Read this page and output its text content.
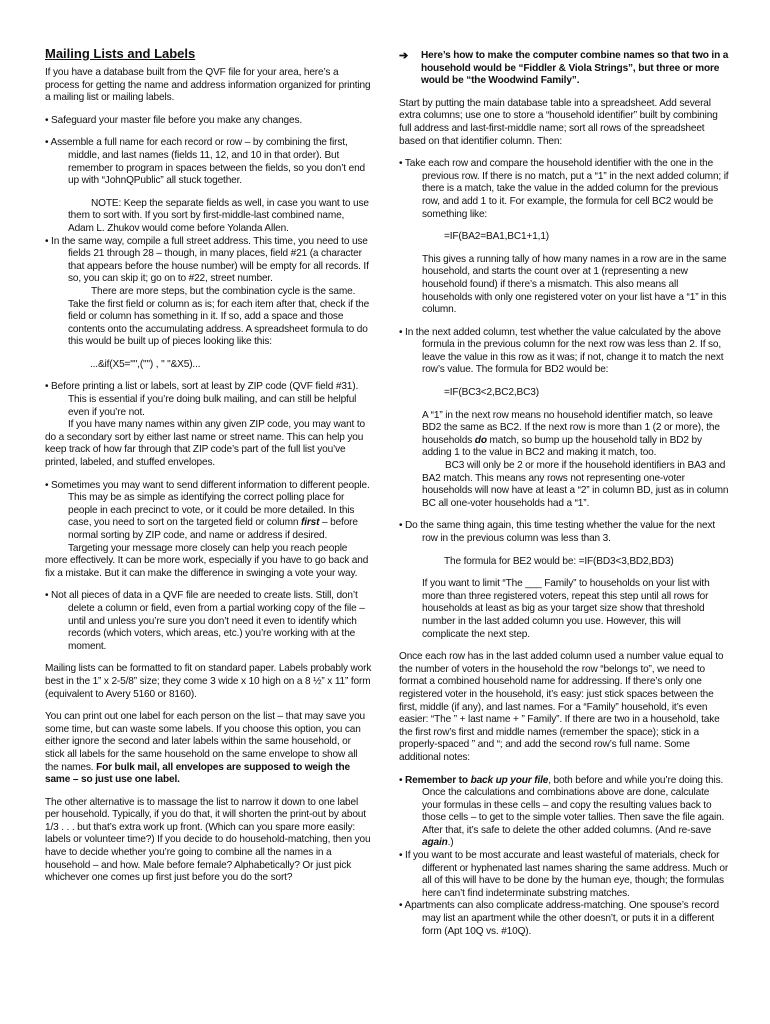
Mailing Lists and Labels

If you have a database built from the QVF file for your area, here’s a process for getting the name and address information organized for printing a mailing list or mailing labels.

• Safeguard your master file before you make any changes.

• Assemble a full name for each record or row – by combining the first, middle, and last names (fields 11, 12, and 10 in that order). But remember to program in spaces between the fields, so you don’t end up with “JohnQPublic” all stuck together.

NOTE: Keep the separate fields as well, in case you want to use them to sort with. If you sort by first-middle-last combined name, Adam L. Zhukov would come before Yolanda Allen.

• In the same way, compile a full street address. This time, you need to use fields 21 through 28 – though, in many places, field #21 (a character that appears before the house number) will be empty for all records. If so, you can skip it; go on to #22, street number.

There are more steps, but the combination cycle is the same. Take the first field or column as is; for each item after that, check if the field or column has something in it. If so, add a space and those contents onto the accumulating address. A spreadsheet formula to do this would be built up of pieces looking like this:

...&if(X5="",("") , " "&X5)...

• Before printing a list or labels, sort at least by ZIP code (QVF field #31). This is essential if you’re doing bulk mailing, and can still be helpful even if you’re not.

If you have many names within any given ZIP code, you may want to do a secondary sort by either last name or street name. This can help you keep track of how far through that ZIP code’s part of the full list you’ve printed, labeled, and stuffed envelopes.

• Sometimes you may want to send different information to different people. This may be as simple as identifying the correct polling place for people in each precinct to vote, or it could be more detailed. In this case, you need to sort on the targeted field or column first – before normal sorting by ZIP code, and name or address if desired.

Targeting your message more closely can help you reach people more effectively. It can be more work, especially if you have to go back and fix a mistake. But it can make the difference in swinging a vote your way.

• Not all pieces of data in a QVF file are needed to create lists. Still, don’t delete a column or field, even from a partial working copy of the file – until and unless you’re sure you don’t need it even to identify which records (which voters, which areas, etc.) you’re working with at the moment.

Mailing lists can be formatted to fit on standard paper. Labels probably work best in the 1” x 2-5/8” size; they come 3 wide x 10 high on a 8 ½” x 11” form (equivalent to Avery 5160 or 8160).

You can print out one label for each person on the list – that may save you some time, but can waste some labels. If you choose this option, you can either ignore the second and later labels within the same household, or stick all labels for the same household on the same envelope to show all the names. For bulk mail, all envelopes are supposed to weigh the same – so just use one label.

The other alternative is to massage the list to narrow it down to one label per household. Typically, if you do that, it will shorten the print-out by about 1/3 . . . but that’s extra work up front. (Which can you spare more easily: labels or volunteer time?) If you decide to do household-matching, then you have to decide whether you’re going to combine all the names in a household – and how. Male before female? Alphabetically? Or just pick whichever one comes up first just before you do the sort?

➔	Here’s how to make the computer combine names so that two in a household would be “Fiddler & Viola Strings”, but three or more would be “the Woodwind Family”.

Start by putting the main database table into a spreadsheet. Add several extra columns; use one to store a “household identifier” built by combining full address and last-first-middle name; sort all rows of the spreadsheet based on that identifier column. Then:

• Take each row and compare the household identifier with the one in the previous row. If there is no match, put a “1” in the next added column; if there is a match, take the value in the added column for the previous row, and add 1 to it. For example, the formula for cell BC2 would be something like:

=IF(BA2=BA1,BC1+1,1)

This gives a running tally of how many names in a row are in the same household, and starts the count over at 1 (representing a new household found) if there’s a mismatch. This also means all households with only one registered voter on your list have a “1” in this column.

• In the next added column, test whether the value calculated by the above formula in the previous column for the next row was less than 2. If so, leave the value in this row as it was; if not, change it to match the next row’s value. The formula for BD2 would be:

=IF(BC3<2,BC2,BC3)

A “1” in the next row means no household identifier match, so leave BD2 the same as BC2. If the next row is more than 1 (2 or more), the households do match, so bump up the household tally in BD2 by adding 1 to the value in BC2 and making it match, too.

BC3 will only be 2 or more if the household identifiers in BA3 and BA2 match. This means any rows not representing one-voter households will now have at least a “2” in column BD, just as in column BC all one-voter households had a “1”.

• Do the same thing again, this time testing whether the value for the next row in the previous column was less than 3.

The formula for BE2 would be: =IF(BD3<3,BD2,BD3)

If you want to limit “The ___ Family” to households on your list with more than three registered voters, repeat this step until all rows for households at least as big as your target size show that threshold number in the last added column you use. However, this will complicate the next step.

Once each row has in the last added column used a number value equal to the number of voters in the household the row “belongs to”, we need to format a combined household name for addressing. If there’s only one registered voter in the household, it’s easy: just stick spaces between the first, middle (if any), and last names. For a “Family” household, it’s even easier: “The ” + last name + ” Family”. If there are two in a household, take the first row’s first and middle names (remember the space); stick in a properly-spaced ” and “; and add the second row’s full name. Some additional notes:

• Remember to back up your file, both before and while you’re doing this. Once the calculations and combinations above are done, calculate your formulas in these cells – and copy the resulting values back to those cells – to get to the simple voter tallies. Then save the file again. After that, it’s safe to delete the other added columns. (And re-save again.)

• If you want to be most accurate and least wasteful of materials, check for different or hyphenated last names sharing the same address. Much or all of this will have to be done by the human eye, though; the formulas here can’t find indeterminate substring matches.

• Apartments can also complicate address-matching. One spouse’s record may list an apartment while the other doesn’t, or puts it in a different form (Apt 10Q vs. #10Q).
